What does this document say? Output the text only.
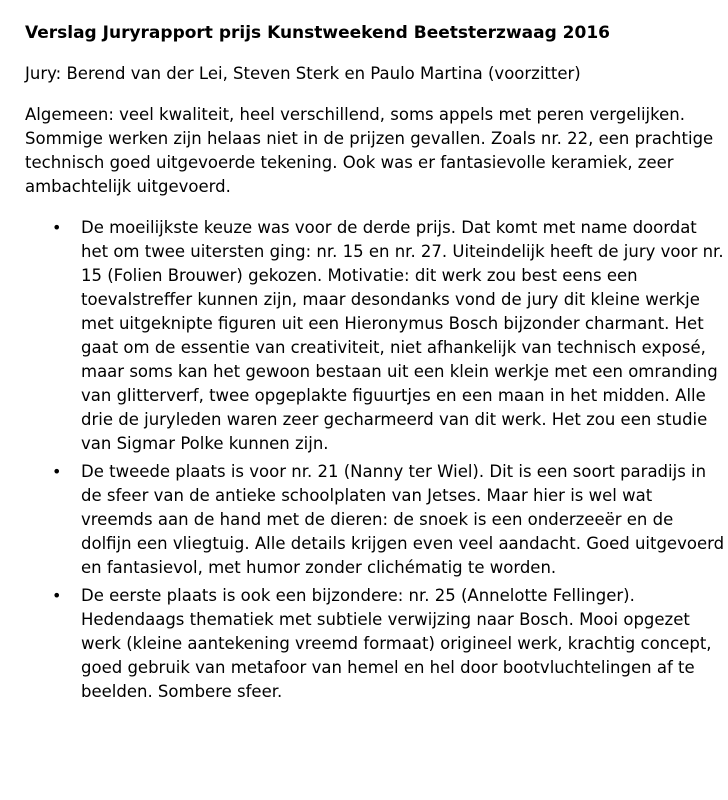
Verslag Juryrapport prijs Kunstweekend Beetsterzwaag 2016
Jury: Berend van der Lei, Steven Sterk en Paulo Martina (voorzitter)
Algemeen: veel kwaliteit, heel verschillend, soms appels met peren vergelijken. Sommige werken zijn helaas niet in de prijzen gevallen. Zoals nr. 22, een prachtige technisch goed uitgevoerde tekening. Ook was er fantasievolle keramiek, zeer ambachtelijk uitgevoerd.
• De moeilijkste keuze was voor de derde prijs. Dat komt met name doordat het om twee uitersten ging: nr. 15 en nr. 27. Uiteindelijk heeft de jury voor nr. 15 (Folien Brouwer) gekozen. Motivatie: dit werk zou best eens een toevalstreffer kunnen zijn, maar desondanks vond de jury dit kleine werkje met uitgeknipte figuren uit een Hieronymus Bosch bijzonder charmant. Het gaat om de essentie van creativiteit, niet afhankelijk van technisch exposé, maar soms kan het gewoon bestaan uit een klein werkje met een omranding van glitterverf, twee opgeplakte figuurtjes en een maan in het midden. Alle drie de juryleden waren zeer gecharmeerd van dit werk. Het zou een studie van Sigmar Polke kunnen zijn.
• De tweede plaats is voor nr. 21 (Nanny ter Wiel). Dit is een soort paradijs in de sfeer van de antieke schoolplaten van Jetses. Maar hier is wel wat vreemds aan de hand met de dieren: de snoek is een onderzeeër en de dolfijn een vliegtuig. Alle details krijgen even veel aandacht. Goed uitgevoerd en fantasievol, met humor zonder clichématig te worden.
• De eerste plaats is ook een bijzondere: nr. 25 (Annelotte Fellinger). Hedendaags thematiek met subtiele verwijzing naar Bosch. Mooi opgezet werk (kleine aantekening vreemd formaat) origineel werk, krachtig concept, goed gebruik van metafoor van hemel en hel door bootvluchtelingen af te beelden. Sombere sfeer.
